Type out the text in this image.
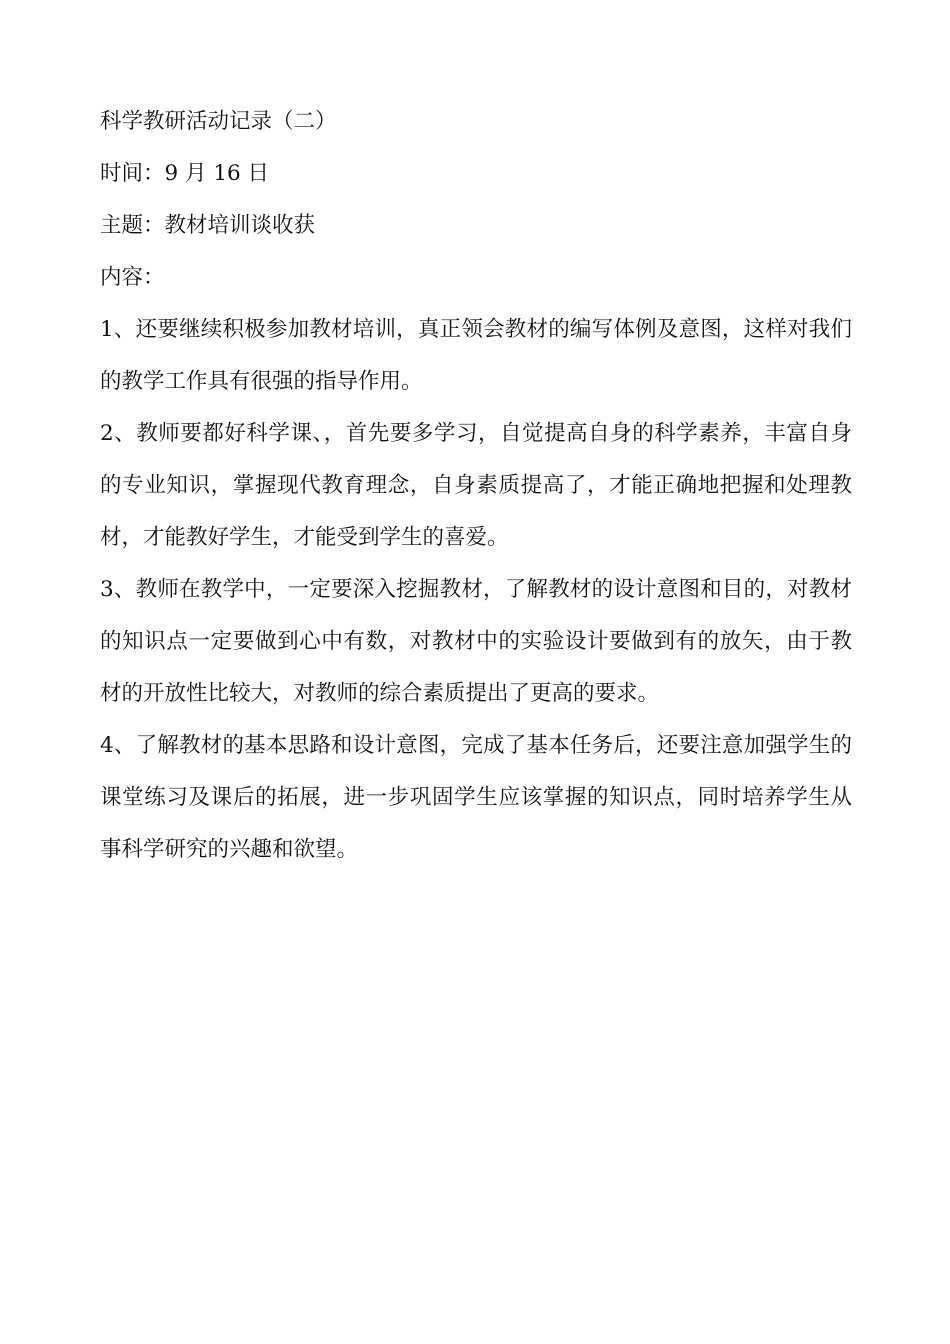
科学教研活动记录（二）

时间：9 月 16 日

主题：教材培训谈收获

内容：

1、还要继续积极参加教材培训，真正领会教材的编写体例及意图，这样对我们的教学工作具有很强的指导作用。

2、教师要都好科学课、，首先要多学习，自觉提高自身的科学素养，丰富自身的专业知识，掌握现代教育理念，自身素质提高了，才能正确地把握和处理教材，才能教好学生，才能受到学生的喜爱。

3、教师在教学中，一定要深入挖掘教材，了解教材的设计意图和目的，对教材的知识点一定要做到心中有数，对教材中的实验设计要做到有的放矢，由于教材的开放性比较大，对教师的综合素质提出了更高的要求。

4、了解教材的基本思路和设计意图，完成了基本任务后，还要注意加强学生的课堂练习及课后的拓展，进一步巩固学生应该掌握的知识点，同时培养学生从事科学研究的兴趣和欲望。
